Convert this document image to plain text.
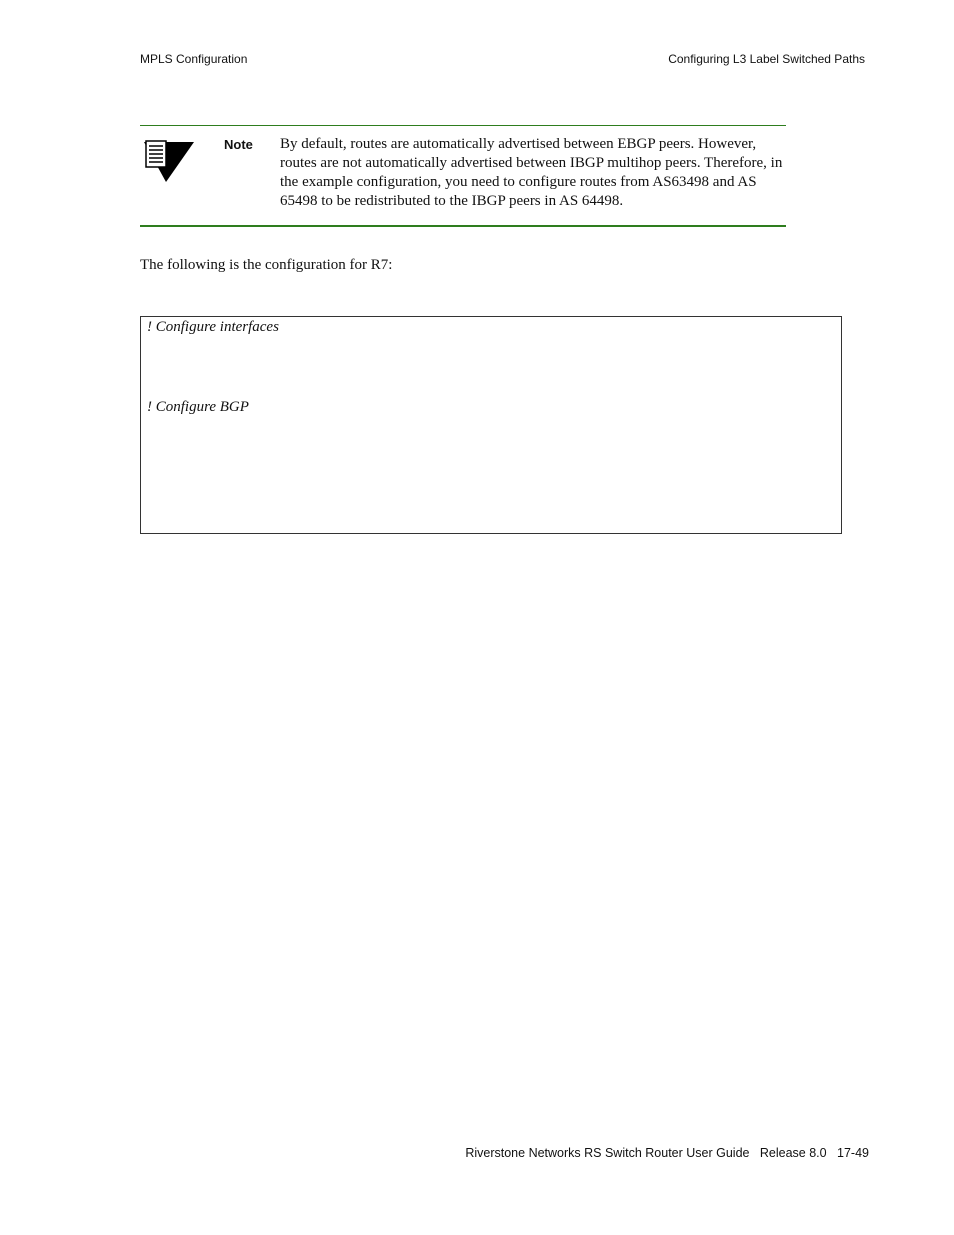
MPLS Configuration	Configuring L3 Label Switched Paths
Note By default, routes are automatically advertised between EBGP peers. However, routes are not automatically advertised between IBGP multihop peers. Therefore, in the example configuration, you need to configure routes from AS63498 and AS 65498 to be redistributed to the IBGP peers in AS 64498.
The following is the configuration for R7:
! Configure interfaces
! Configure BGP
Riverstone Networks RS Switch Router User Guide   Release 8.0   17-49
